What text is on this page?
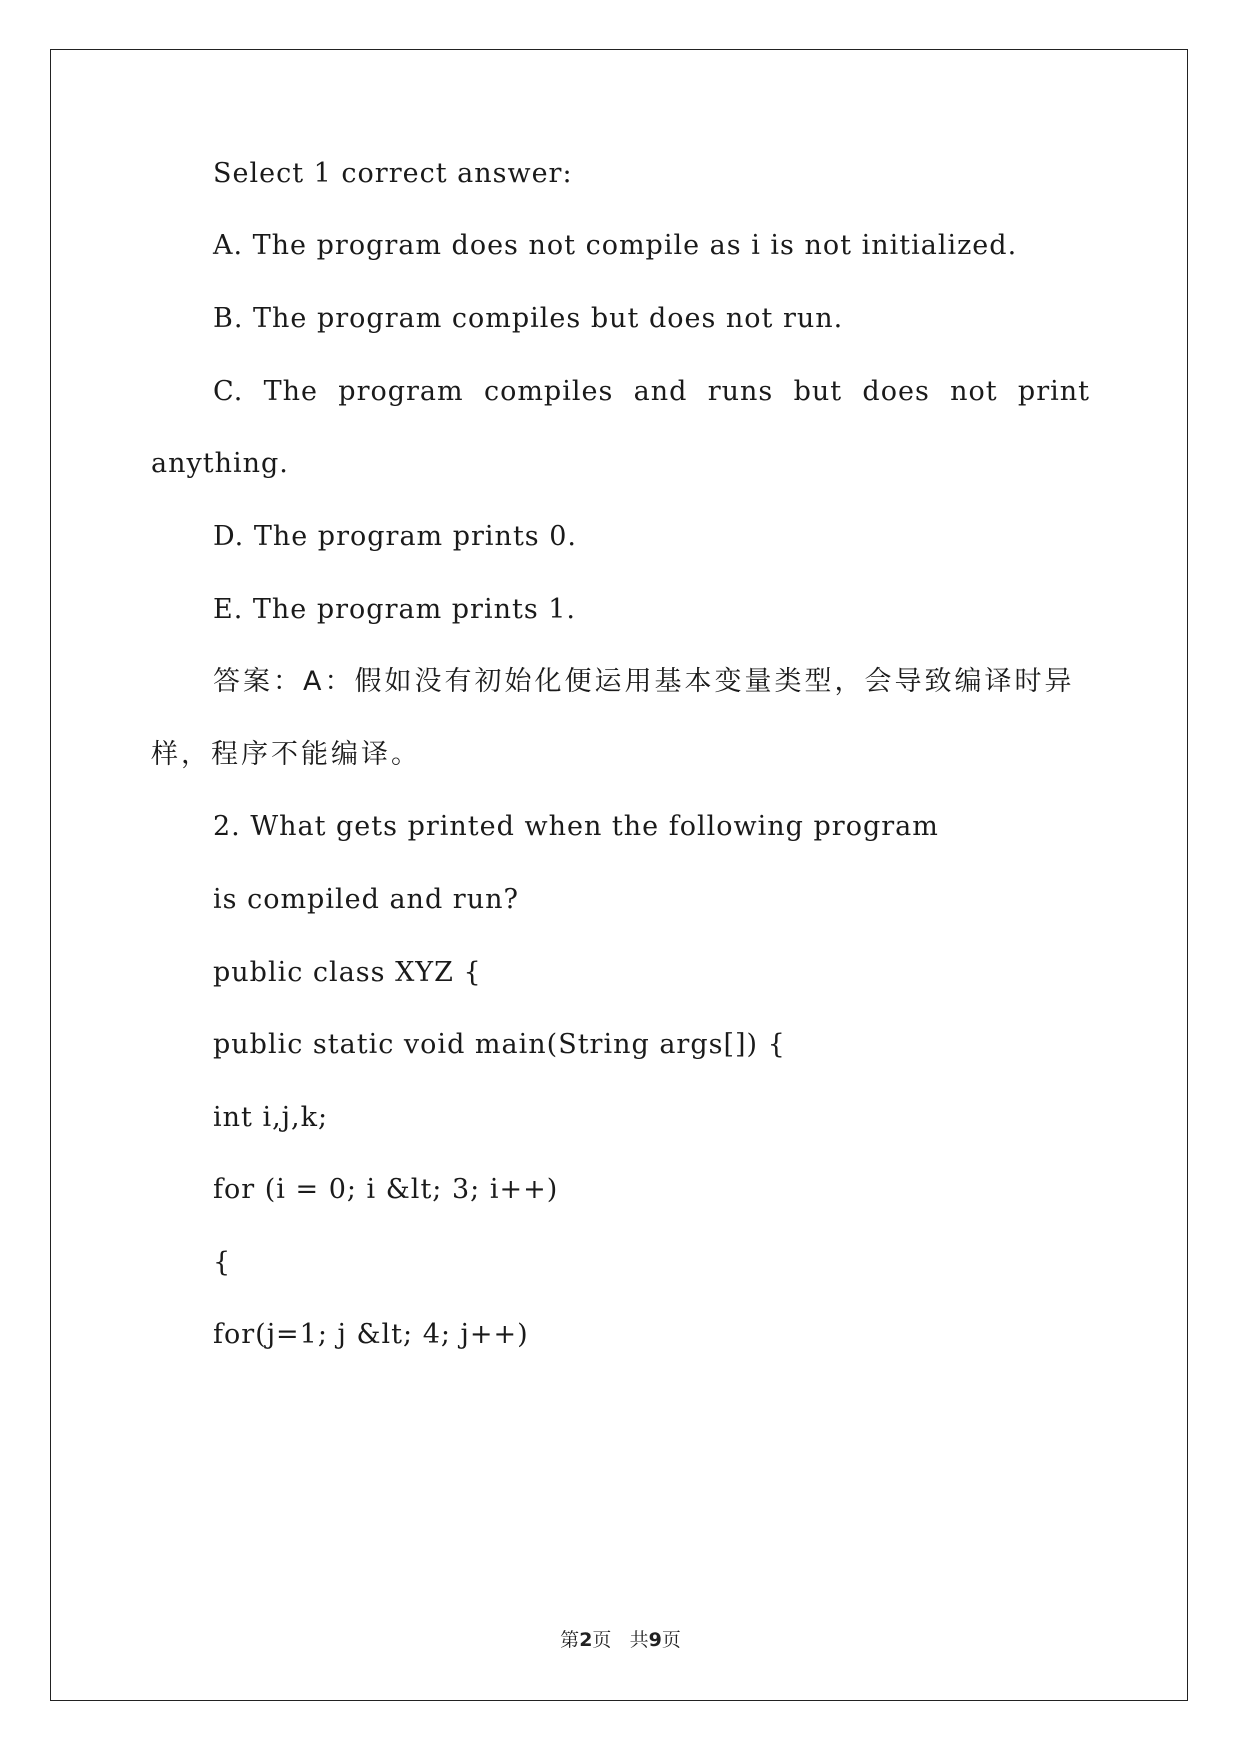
Select 1 correct answer:
A. The program does not compile as i is not initialized.
B. The program compiles but does not run.
C. The program compiles and runs but does not print
anything.
D. The program prints 0.
E. The program prints 1.
答案：A：假如没有初始化便运用基本变量类型，会导致编译时异
样，程序不能编译。
2. What gets printed when the following program
is compiled and run?
public class XYZ {
public static void main(String args[]) {
int i,j,k;
for (i = 0; i &lt; 3; i++)
{
for(j=1; j &lt; 4; j++)
第2页 共9页
